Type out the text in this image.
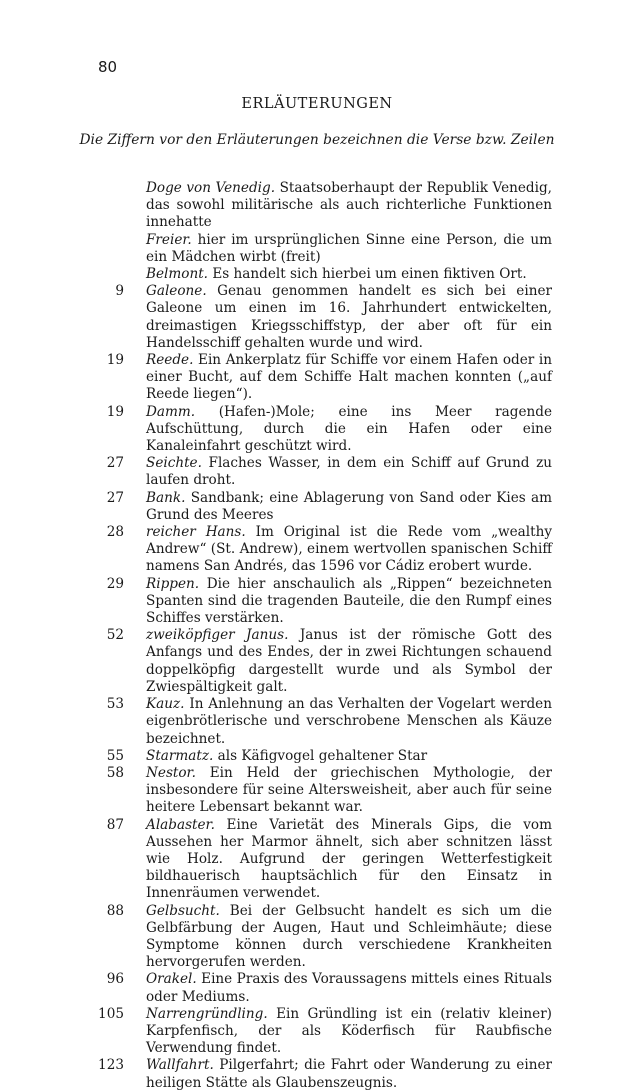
80
ERLÄUTERUNGEN
Die Ziffern vor den Erläuterungen bezeichnen die Verse bzw. Zeilen
Doge von Venedig. Staatsoberhaupt der Republik Venedig, das sowohl militärische als auch richterliche Funktionen innehatte
Freier. hier im ursprünglichen Sinne eine Person, die um ein Mädchen wirbt (freit)
Belmont. Es handelt sich hierbei um einen fiktiven Ort.
9	Galeone. Genau genommen handelt es sich bei einer Galeone um einen im 16. Jahrhundert entwickelten, dreimastigen Kriegsschiffstyp, der aber oft für ein Handelsschiff gehalten wurde und wird.
19	Reede. Ein Ankerplatz für Schiffe vor einem Hafen oder in einer Bucht, auf dem Schiffe Halt machen konnten („auf Reede liegen“).
19	Damm. (Hafen-)Mole; eine ins Meer ragende Aufschüttung, durch die ein Hafen oder eine Kanaleinfahrt geschützt wird.
27	Seichte. Flaches Wasser, in dem ein Schiff auf Grund zu laufen droht.
27	Bank. Sandbank; eine Ablagerung von Sand oder Kies am Grund des Meeres
28	reicher Hans. Im Original ist die Rede vom „wealthy Andrew“ (St. Andrew), einem wertvollen spanischen Schiff namens San Andrés, das 1596 vor Cádiz erobert wurde.
29	Rippen. Die hier anschaulich als „Rippen“ bezeichneten Spanten sind die tragenden Bauteile, die den Rumpf eines Schiffes verstärken.
52	zweiköpfiger Janus. Janus ist der römische Gott des Anfangs und des Endes, der in zwei Richtungen schauend doppelköpfig dargestellt wurde und als Symbol der Zwiespältigkeit galt.
53	Kauz. In Anlehnung an das Verhalten der Vogelart werden eigenbrötlerische und verschrobene Menschen als Käuze bezeichnet.
55	Starmatz. als Käfigvogel gehaltener Star
58	Nestor. Ein Held der griechischen Mythologie, der insbesondere für seine Altersweisheit, aber auch für seine heitere Lebensart bekannt war.
87	Alabaster. Eine Varietät des Minerals Gips, die vom Aussehen her Marmor ähnelt, sich aber schnitzen lässt wie Holz. Aufgrund der geringen Wetterfestigkeit bildhauerisch hauptsächlich für den Einsatz in Innenräumen verwendet.
88	Gelbsucht. Bei der Gelbsucht handelt es sich um die Gelbfärbung der Augen, Haut und Schleimhäute; diese Symptome können durch verschiedene Krankheiten hervorgerufen werden.
96	Orakel. Eine Praxis des Voraussagens mittels eines Rituals oder Mediums.
105	Narrengründling. Ein Gründling ist ein (relativ kleiner) Karpfenfisch, der als Köderfisch für Raubfische Verwendung findet.
123	Wallfahrt. Pilgerfahrt; die Fahrt oder Wanderung zu einer heiligen Stätte als Glaubenszeugnis.
